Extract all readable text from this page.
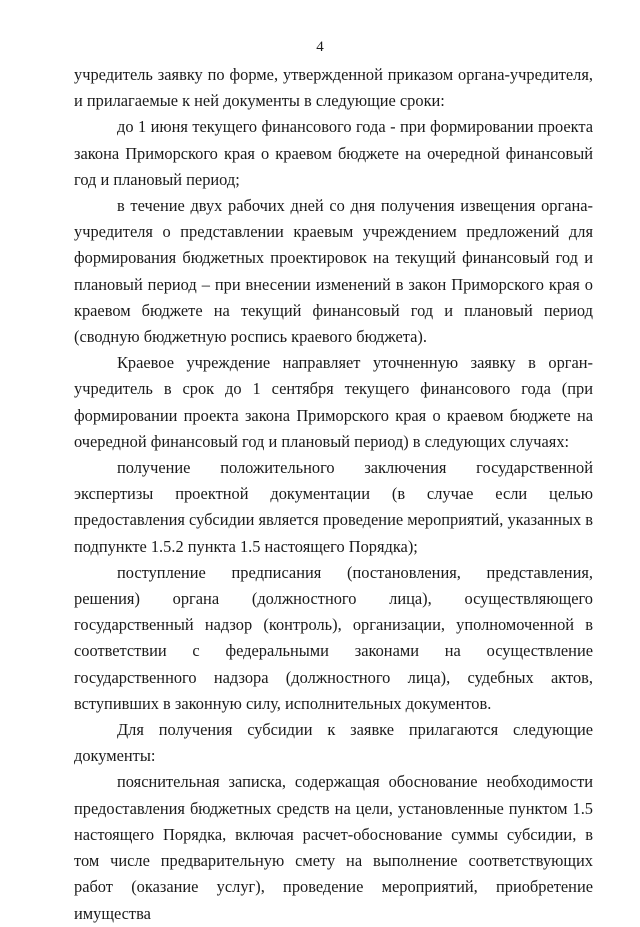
4

учредитель заявку по форме, утвержденной приказом органа-учредителя, и прилагаемые к ней документы в следующие сроки:

до 1 июня текущего финансового года - при формировании проекта закона Приморского края о краевом бюджете на очередной финансовый год и плановый период;

в течение двух рабочих дней со дня получения извещения органа-учредителя о представлении краевым учреждением предложений для формирования бюджетных проектировок на текущий финансовый год и плановый период – при внесении изменений в закон Приморского края о краевом бюджете на текущий финансовый год и плановый период (сводную бюджетную роспись краевого бюджета).

Краевое учреждение направляет уточненную заявку в орган-учредитель в срок до 1 сентября текущего финансового года (при формировании проекта закона Приморского края о краевом бюджете на очередной финансовый год и плановый период) в следующих случаях:

получение положительного заключения государственной экспертизы проектной документации (в случае если целью предоставления субсидии является проведение мероприятий, указанных в подпункте 1.5.2 пункта 1.5 настоящего Порядка);

поступление предписания (постановления, представления, решения) органа (должностного лица), осуществляющего государственный надзор (контроль), организации, уполномоченной в соответствии с федеральными законами на осуществление государственного надзора (должностного лица), судебных актов, вступивших в законную силу, исполнительных документов.

Для получения субсидии к заявке прилагаются следующие документы:

пояснительная записка, содержащая обоснование необходимости предоставления бюджетных средств на цели, установленные пунктом 1.5 настоящего Порядка, включая расчет-обоснование суммы субсидии, в том числе предварительную смету на выполнение соответствующих работ (оказание услуг), проведение мероприятий, приобретение имущества
